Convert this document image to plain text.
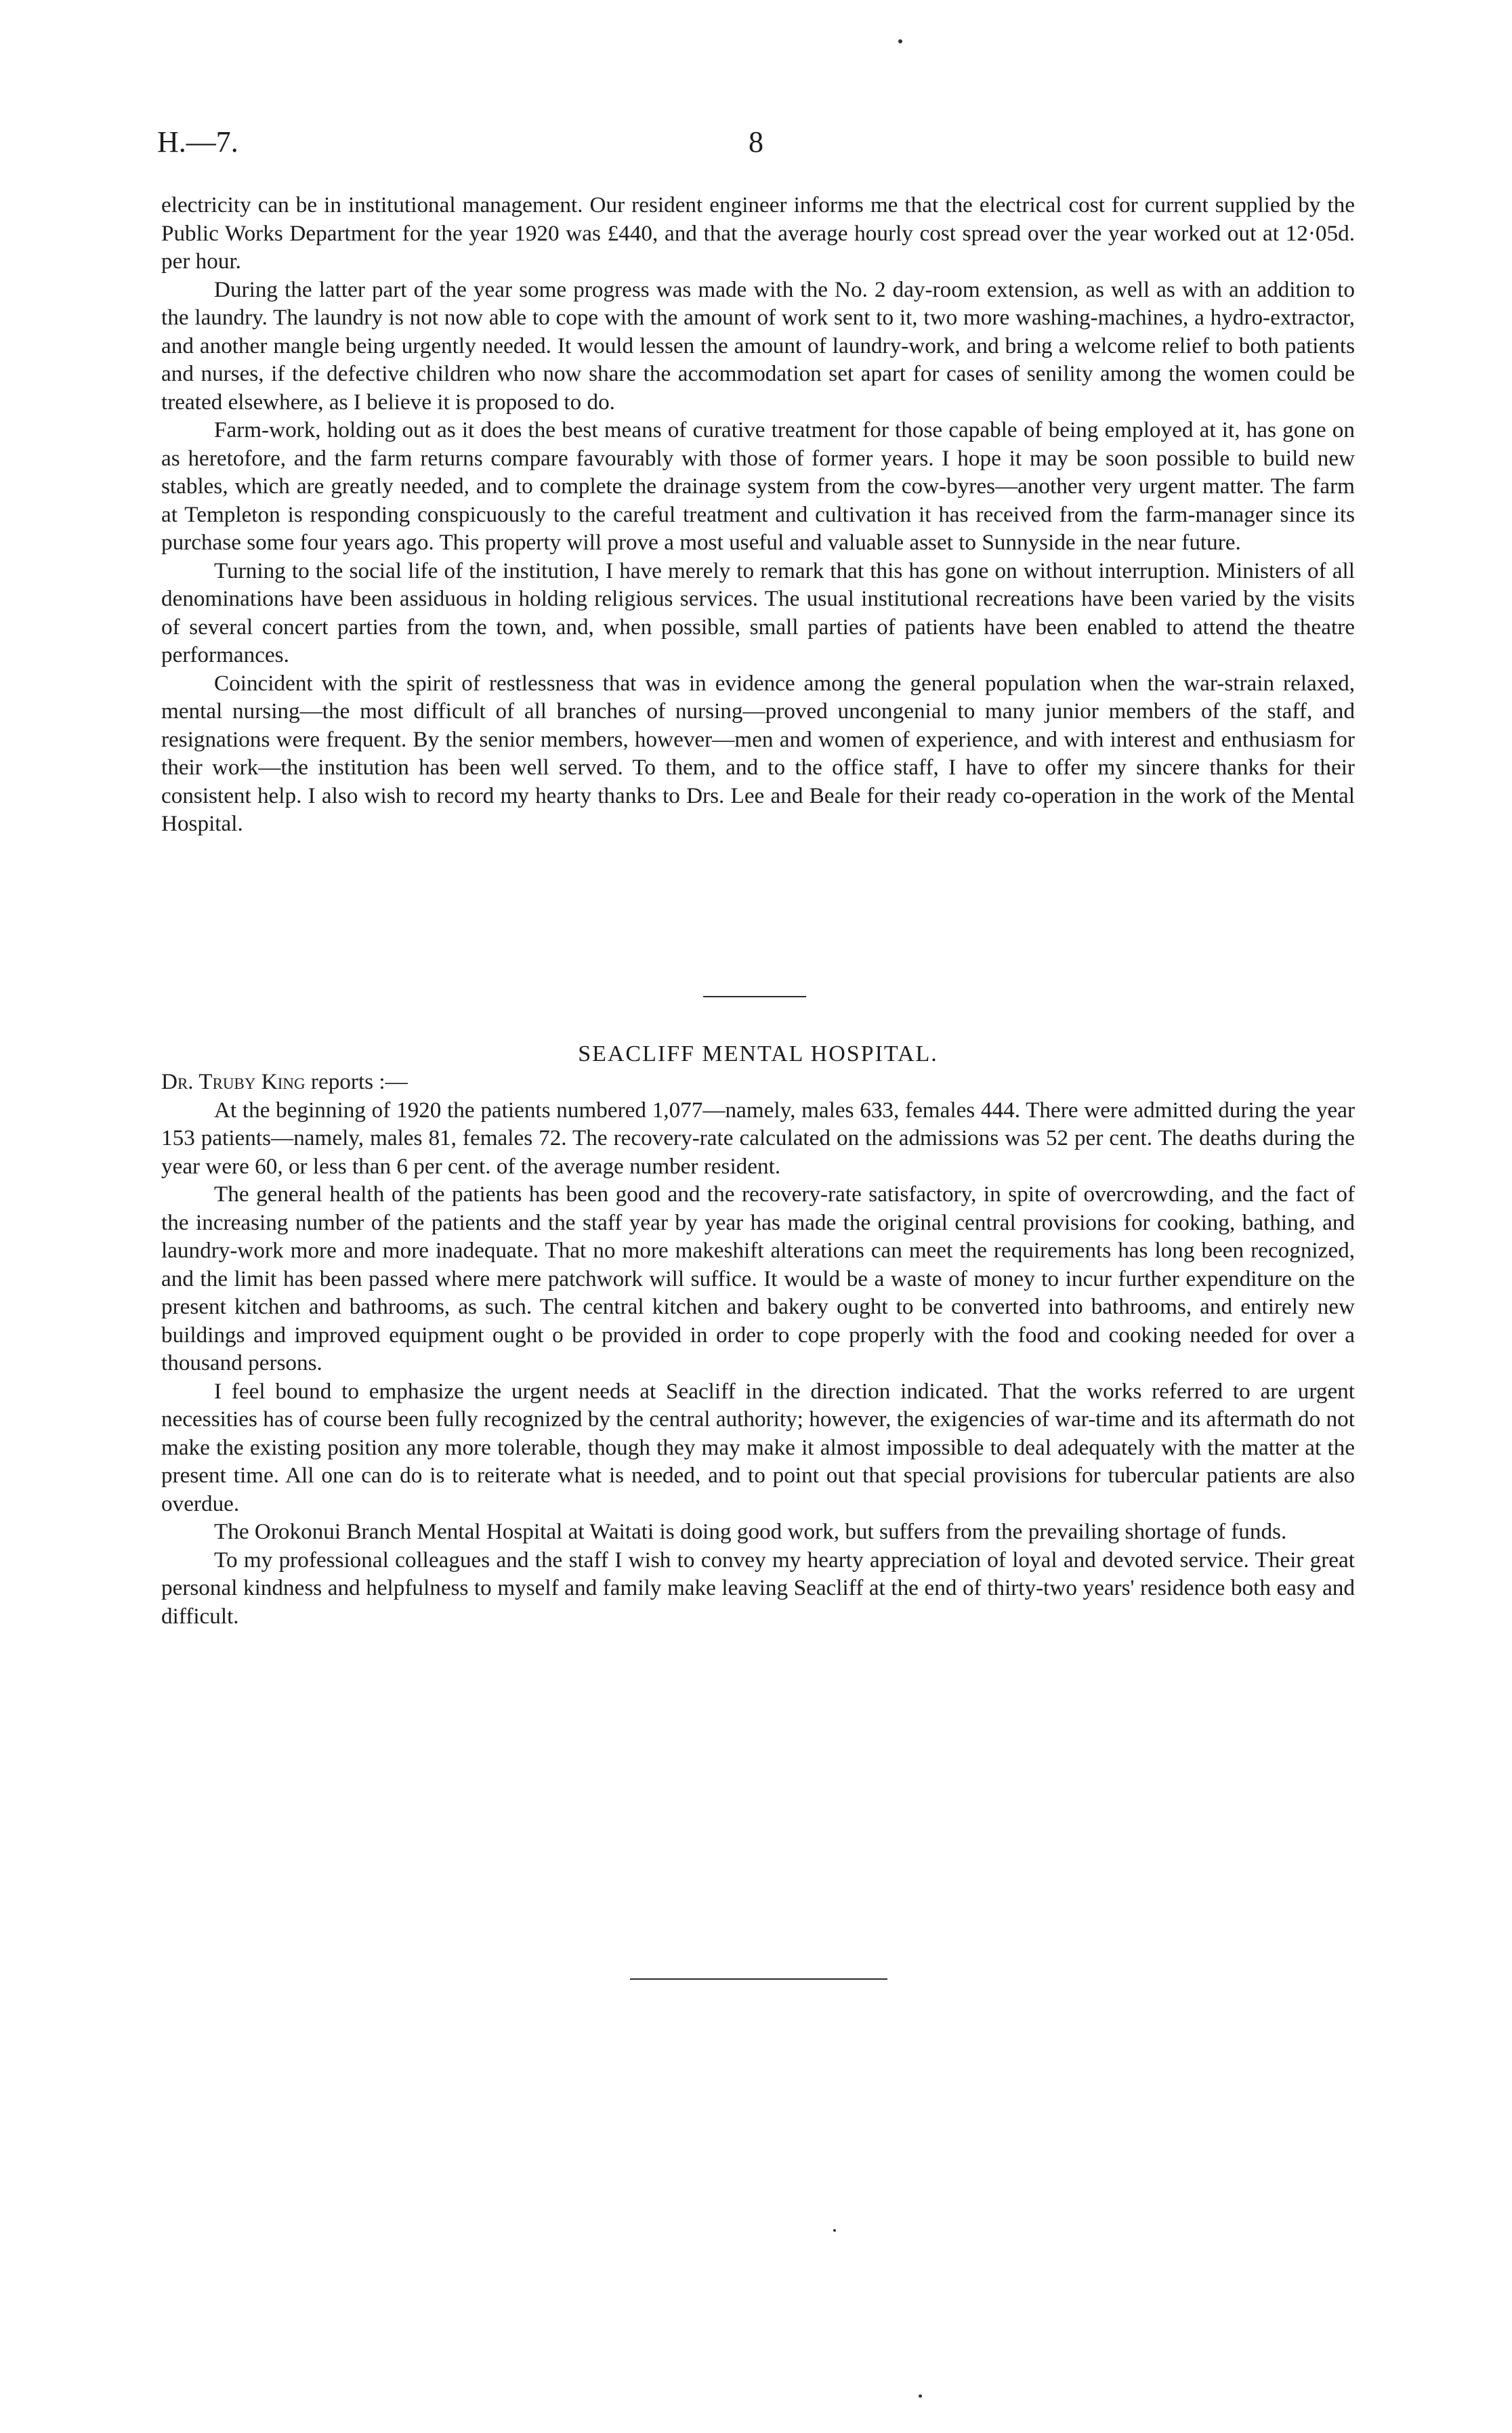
H.—7.	8

electricity can be in institutional management. Our resident engineer informs me that the electrical cost for current supplied by the Public Works Department for the year 1920 was £440, and that the average hourly cost spread over the year worked out at 12·05d. per hour.

During the latter part of the year some progress was made with the No. 2 day-room extension, as well as with an addition to the laundry. The laundry is not now able to cope with the amount of work sent to it, two more washing-machines, a hydro-extractor, and another mangle being urgently needed. It would lessen the amount of laundry-work, and bring a welcome relief to both patients and nurses, if the defective children who now share the accommodation set apart for cases of senility among the women could be treated elsewhere, as I believe it is proposed to do.

Farm-work, holding out as it does the best means of curative treatment for those capable of being employed at it, has gone on as heretofore, and the farm returns compare favourably with those of former years. I hope it may be soon possible to build new stables, which are greatly needed, and to complete the drainage system from the cow-byres—another very urgent matter. The farm at Templeton is responding conspicuously to the careful treatment and cultivation it has received from the farm-manager since its purchase some four years ago. This property will prove a most useful and valuable asset to Sunnyside in the near future.

Turning to the social life of the institution, I have merely to remark that this has gone on without interruption. Ministers of all denominations have been assiduous in holding religious services. The usual institutional recreations have been varied by the visits of several concert parties from the town, and, when possible, small parties of patients have been enabled to attend the theatre performances.

Coincident with the spirit of restlessness that was in evidence among the general population when the war-strain relaxed, mental nursing—the most difficult of all branches of nursing—proved uncongenial to many junior members of the staff, and resignations were frequent. By the senior members, however—men and women of experience, and with interest and enthusiasm for their work—the institution has been well served. To them, and to the office staff, I have to offer my sincere thanks for their consistent help. I also wish to record my hearty thanks to Drs. Lee and Beale for their ready co-operation in the work of the Mental Hospital.

SEACLIFF MENTAL HOSPITAL.

Dr. Truby King reports :—

At the beginning of 1920 the patients numbered 1,077—namely, males 633, females 444. There were admitted during the year 153 patients—namely, males 81, females 72. The recovery-rate calculated on the admissions was 52 per cent. The deaths during the year were 60, or less than 6 per cent. of the average number resident.

The general health of the patients has been good and the recovery-rate satisfactory, in spite of overcrowding, and the fact of the increasing number of the patients and the staff year by year has made the original central provisions for cooking, bathing, and laundry-work more and more inadequate. That no more makeshift alterations can meet the requirements has long been recognized, and the limit has been passed where mere patchwork will suffice. It would be a waste of money to incur further expenditure on the present kitchen and bathrooms, as such. The central kitchen and bakery ought to be converted into bathrooms, and entirely new buildings and improved equipment ought o be provided in order to cope properly with the food and cooking needed for over a thousand persons.

I feel bound to emphasize the urgent needs at Seacliff in the direction indicated. That the works referred to are urgent necessities has of course been fully recognized by the central authority; however, the exigencies of war-time and its aftermath do not make the existing position any more tolerable, though they may make it almost impossible to deal adequately with the matter at the present time. All one can do is to reiterate what is needed, and to point out that special provisions for tubercular patients are also overdue.

The Orokonui Branch Mental Hospital at Waitati is doing good work, but suffers from the prevailing shortage of funds.

To my professional colleagues and the staff I wish to convey my hearty appreciation of loyal and devoted service. Their great personal kindness and helpfulness to myself and family make leaving Seacliff at the end of thirty-two years' residence both easy and difficult.
